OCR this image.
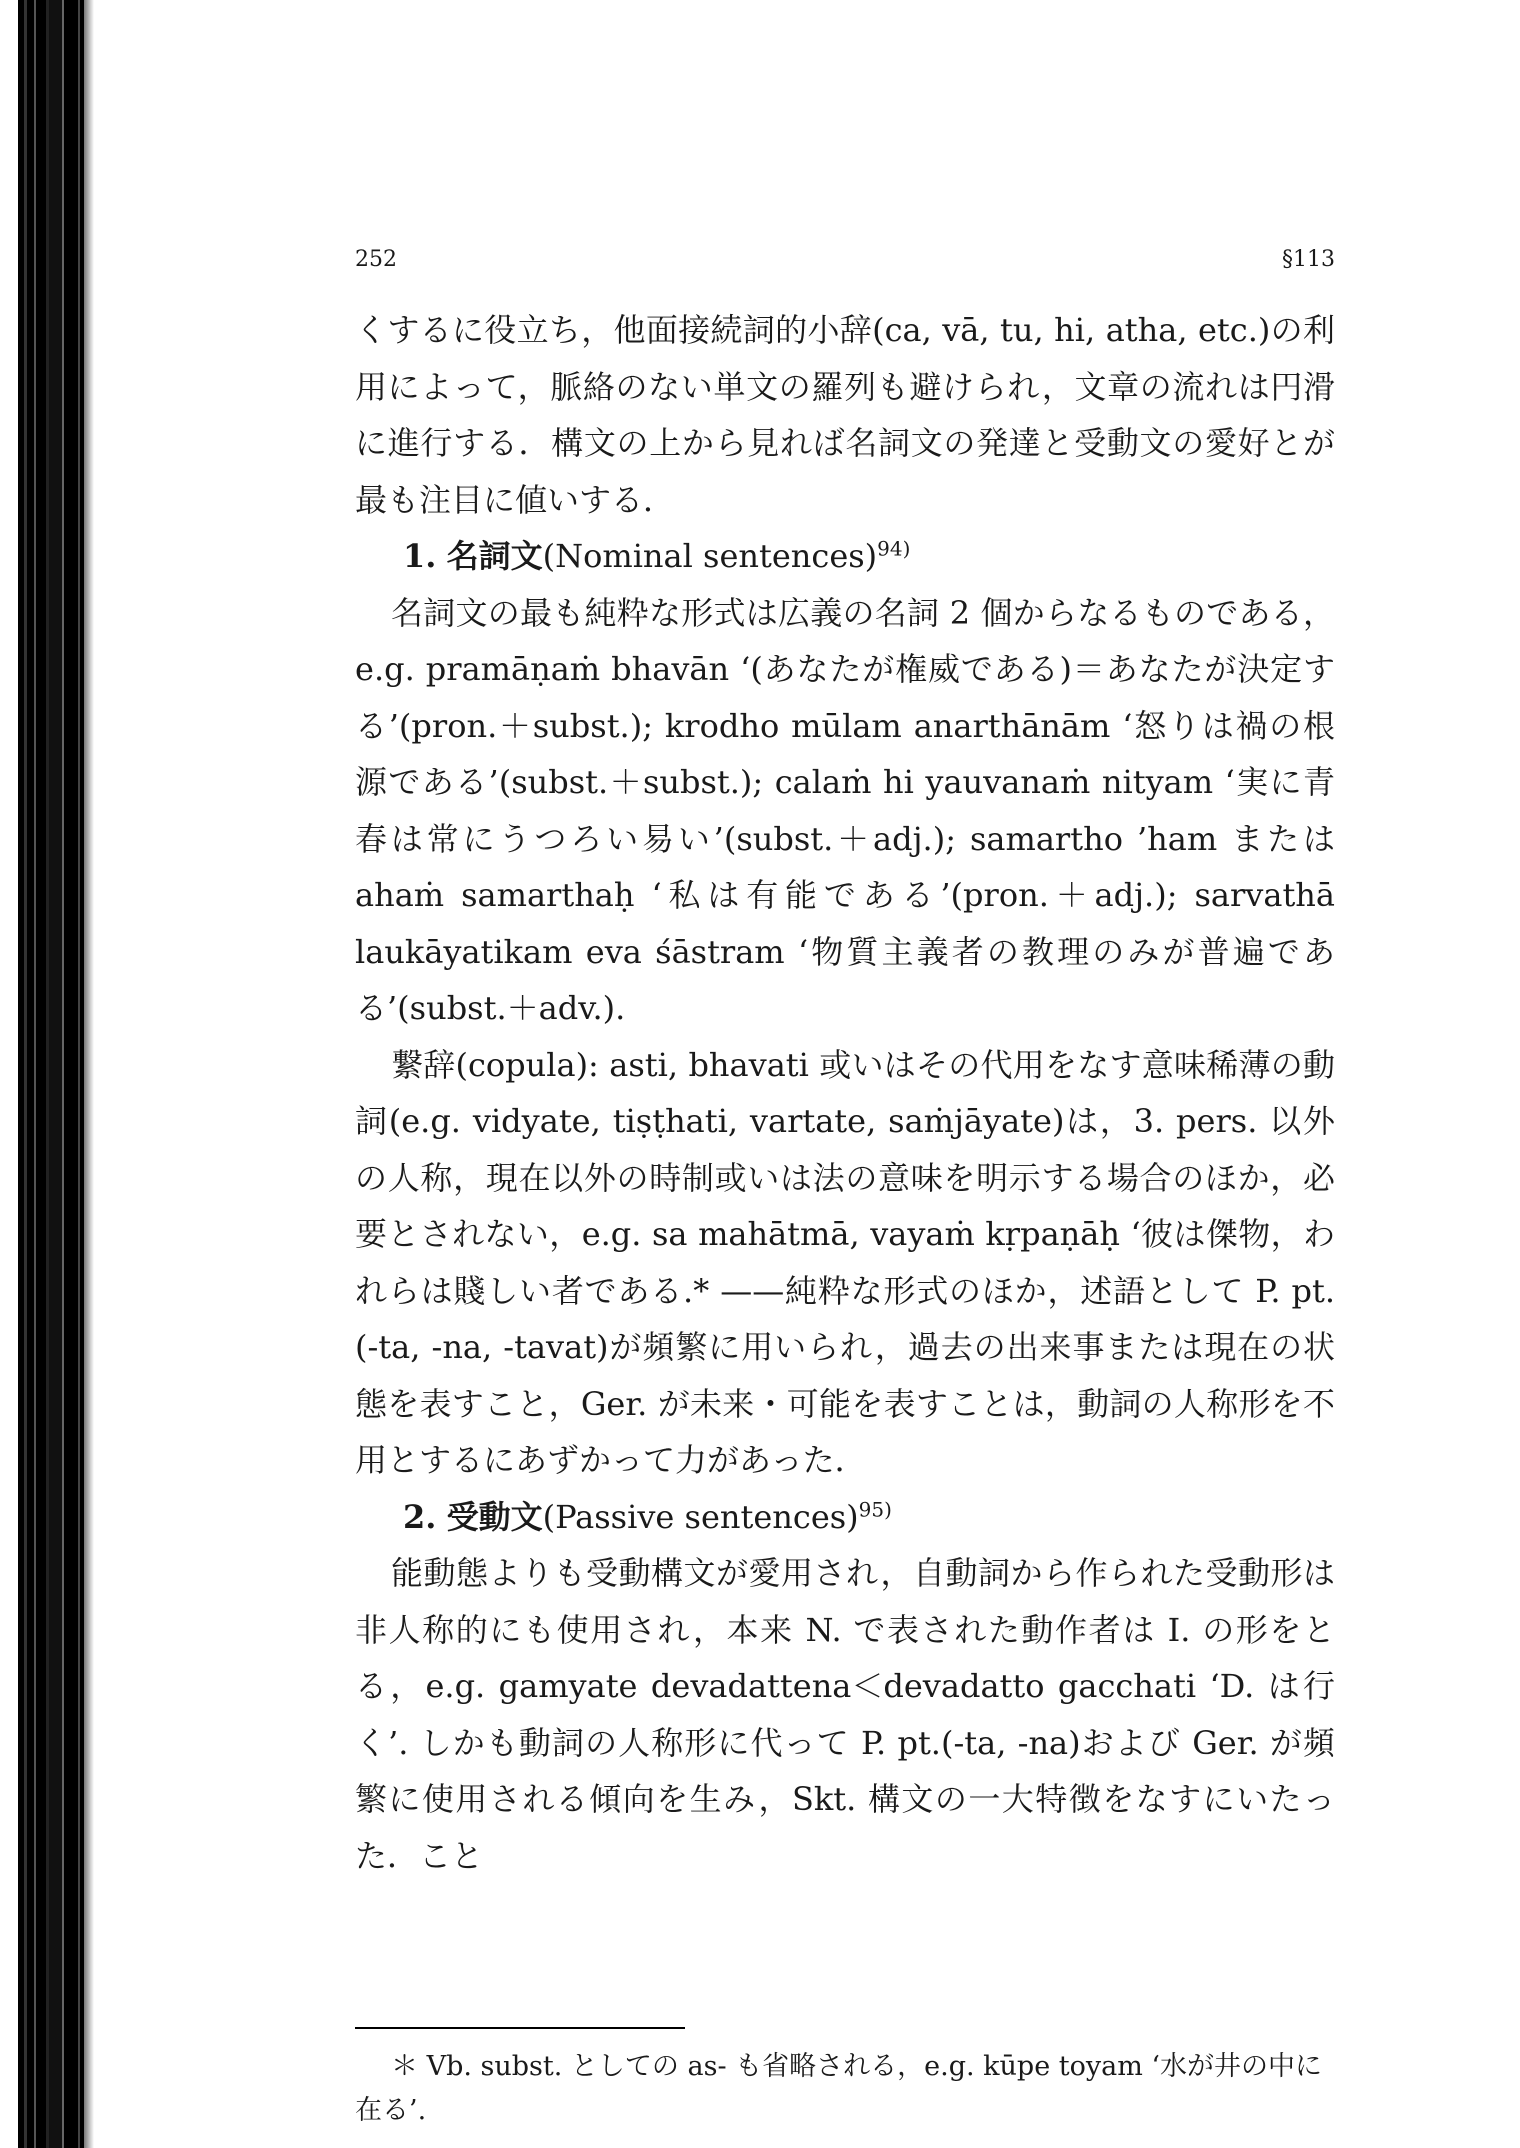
252	§113

くするに役立ち，他面接続詞的小辞(ca, vā, tu, hi, atha, etc.)の利用によって，脈絡のない単文の羅列も避けられ，文章の流れは円滑に進行する．構文の上から見れば名詞文の発達と受動文の愛好とが最も注目に値いする．

1. 名詞文(Nominal sentences)$^{94)}$

名詞文の最も純粋な形式は広義の名詞 2 個からなるものである，e.g. pramāṇaṁ bhavān ‘(あなたが権威である)＝あなたが決定する’(pron.＋subst.); krodho mūlam anarthānām ‘怒りは禍の根源である’(subst.＋subst.); calaṁ hi yauvanaṁ nityam ‘実に青春は常にうつろい易い’(subst.＋adj.); samartho ’ham または ahaṁ samarthaḥ ‘私は有能である’(pron.＋adj.); sarvathā laukāyatikam eva śāstram ‘物質主義者の教理のみが普遍である’(subst.＋adv.).

繋辞(copula): asti, bhavati 或いはその代用をなす意味稀薄の動詞(e.g. vidyate, tiṣṭhati, vartate, saṁjāyate)は，3. pers. 以外の人称，現在以外の時制或いは法の意味を明示する場合のほか，必要とされない，e.g. sa mahātmā, vayaṁ kṛpaṇāḥ ‘彼は傑物，われらは賤しい者である.* ——純粋な形式のほか，述語として P. pt.(-ta, -na, -tavat)が頻繁に用いられ，過去の出来事または現在の状態を表すこと，Ger. が未来・可能を表すことは，動詞の人称形を不用とするにあずかって力があった．

2. 受動文(Passive sentences)$^{95)}$

能動態よりも受動構文が愛用され，自動詞から作られた受動形は非人称的にも使用され，本来 N. で表された動作者は I. の形をとる，e.g. gamyate devadattena＜devadatto gacchati ‘D. は行く’. しかも動詞の人称形に代って P. pt.(-ta, -na)および Ger. が頻繁に使用される傾向を生み，Skt. 構文の一大特徴をなすにいたった．こと

＊ Vb. subst. としての as- も省略される，e.g. kūpe toyam ‘水が井の中に
在る’.
